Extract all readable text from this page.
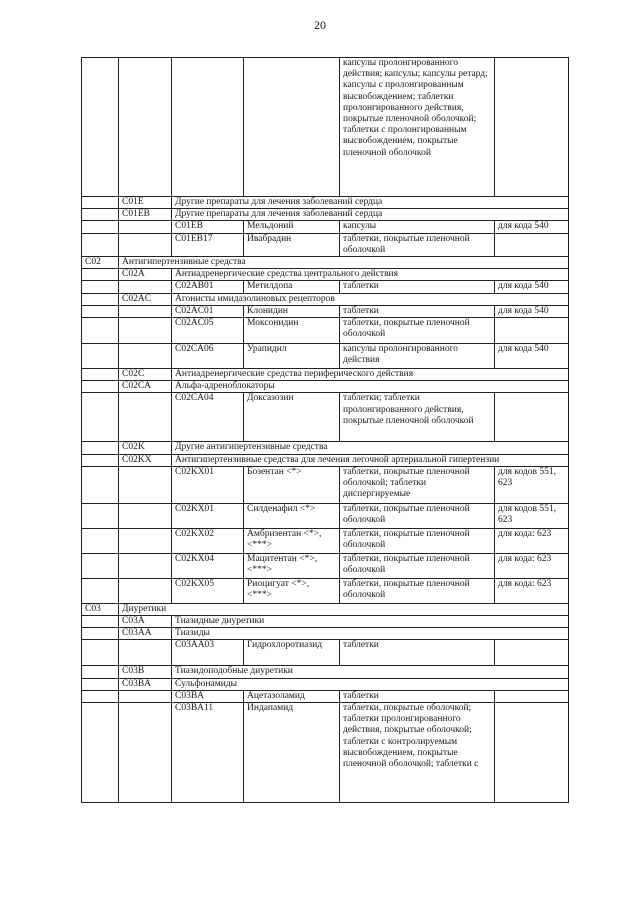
20
				капсулы пролонгированного действия; капсулы; капсулы ретард; капсулы с пролонгированным высвобождением; таблетки пролонгированного действия, покрытые пленочной оболочкой; таблетки с пролонгированным высвобождением, покрытые пленочной оболочкой	
	C01E	Другие препараты для лечения заболеваний сердца			
	C01EB	Другие препараты для лечения заболеваний сердца			
		C01EB	Мельдоний	капсулы	для кода 540
		C01EB17	Ивабрадин	таблетки, покрытые пленочной оболочкой	
C02	Антигипертензивные средства				
	C02A	Антиадренергические средства центрального действия			
		C02AB01	Метилдопа	таблетки	для кода 540
	C02AC	Агонисты имидазолиновых рецепторов			
		C02AC01	Клонидин	таблетки	для кода 540
		C02AC05	Моксонидин	таблетки, покрытые пленочной оболочкой	
		C02CA06	Урапидил	капсулы пролонгированного действия	для кода 540
	C02C	Антиадренергические средства периферического действия			
	C02CA	Альфа-адреноблокаторы			
		C02CA04	Доксазозин	таблетки; таблетки пролонгированного действия, покрытые пленочной оболочкой	
	C02K	Другие антигипертензивные средства			
	C02KX	Антигипертензивные средства для лечения легочной артериальной гипертензии			
		C02KX01	Бозентан <*>	таблетки, покрытые пленочной оболочкой; таблетки диспергируемые	для кодов 551, 623
		C02KX01	Силденафил <*>	таблетки, покрытые пленочной оболочкой	для кодов 551, 623
		C02KX02	Амбризентан <*>, <***>	таблетки, покрытые пленочной оболочкой	для кода: 623
		C02KX04	Мацитентан <*>, <***>	таблетки, покрытые пленочной оболочкой	для кода: 623
		C02KX05	Риоцигуат <*>, <***>	таблетки, покрытые пленочной оболочкой	для кода: 623
C03	Диуретики				
	C03A	Тиазидные диуретики			
	C03AA	Тиазиды			
		C03AA03	Гидрохлоротиазид	таблетки	
	C03B	Тиазидоподобные диуретики			
	C03BA	Сульфонамиды			
		C03BA	Ацетазоламид	таблетки	
		C03BA11	Индапамид	таблетки, покрытые оболочкой; таблетки пролонгированного действия, покрытые оболочкой; таблетки с контролируемым высвобождением, покрытые пленочной оболочкой; таблетки с	
